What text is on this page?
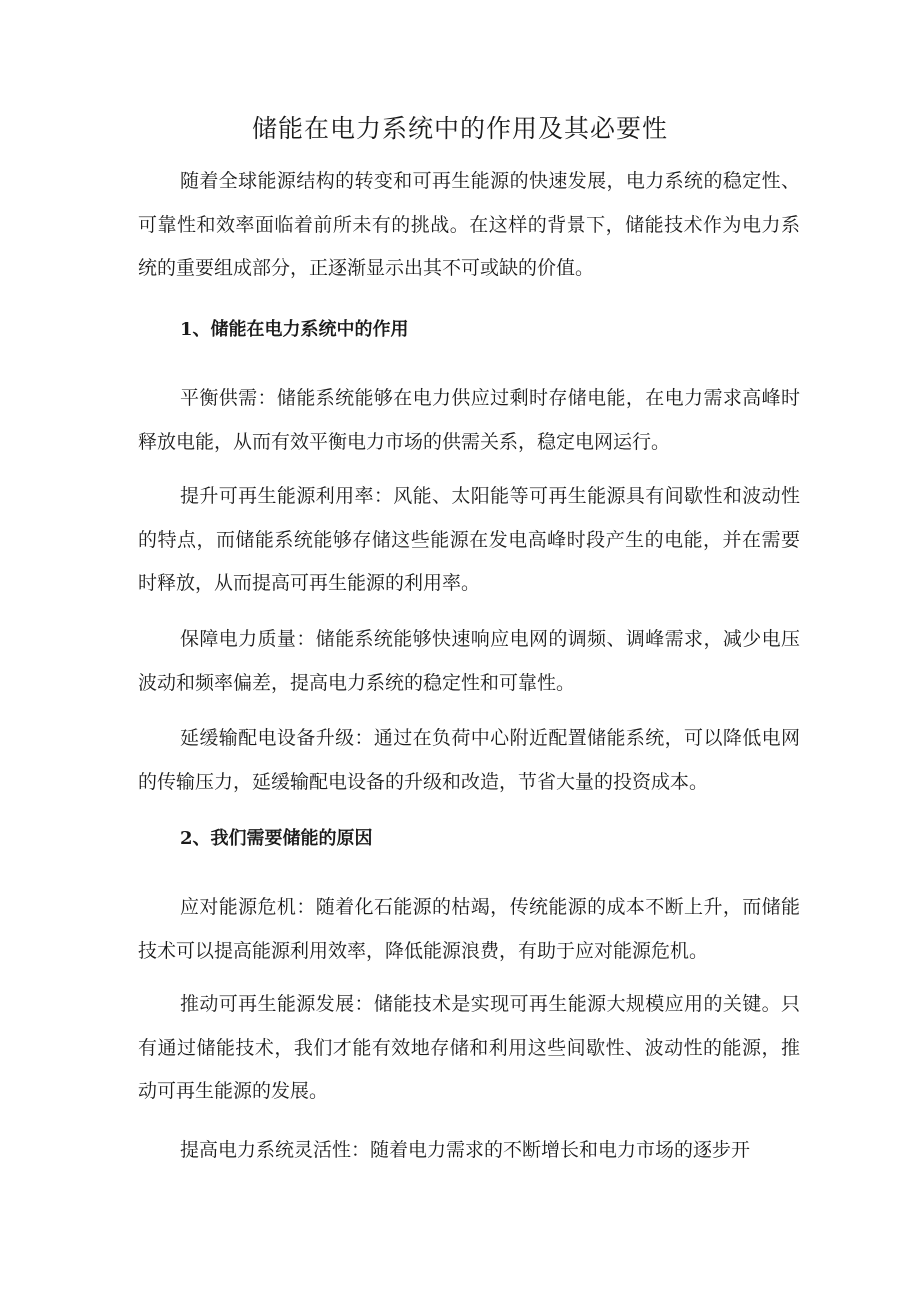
储能在电力系统中的作用及其必要性

随着全球能源结构的转变和可再生能源的快速发展，电力系统的稳定性、可靠性和效率面临着前所未有的挑战。在这样的背景下，储能技术作为电力系统的重要组成部分，正逐渐显示出其不可或缺的价值。

1、储能在电力系统中的作用

平衡供需：储能系统能够在电力供应过剩时存储电能，在电力需求高峰时释放电能，从而有效平衡电力市场的供需关系，稳定电网运行。

提升可再生能源利用率：风能、太阳能等可再生能源具有间歇性和波动性的特点，而储能系统能够存储这些能源在发电高峰时段产生的电能，并在需要时释放，从而提高可再生能源的利用率。

保障电力质量：储能系统能够快速响应电网的调频、调峰需求，减少电压波动和频率偏差，提高电力系统的稳定性和可靠性。

延缓输配电设备升级：通过在负荷中心附近配置储能系统，可以降低电网的传输压力，延缓输配电设备的升级和改造，节省大量的投资成本。

2、我们需要储能的原因

应对能源危机：随着化石能源的枯竭，传统能源的成本不断上升，而储能技术可以提高能源利用效率，降低能源浪费，有助于应对能源危机。

推动可再生能源发展：储能技术是实现可再生能源大规模应用的关键。只有通过储能技术，我们才能有效地存储和利用这些间歇性、波动性的能源，推动可再生能源的发展。

提高电力系统灵活性：随着电力需求的不断增长和电力市场的逐步开
